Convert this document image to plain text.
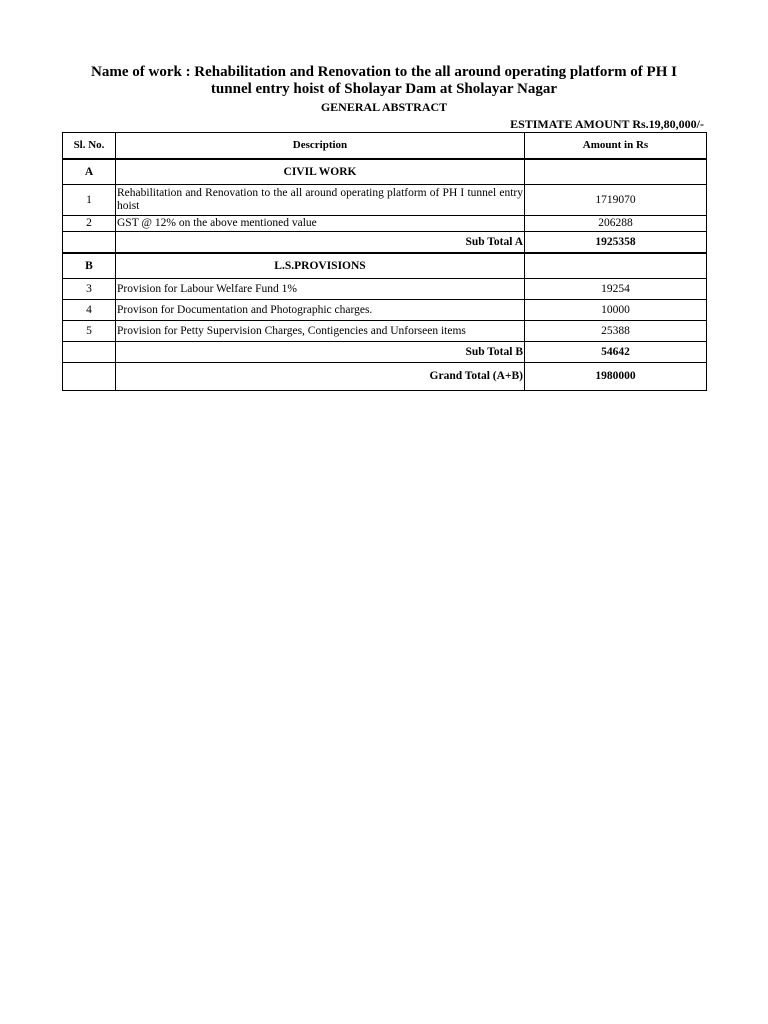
Name of work : Rehabilitation and Renovation to the all around operating platform of PH I
tunnel entry hoist of Sholayar Dam at Sholayar Nagar
GENERAL ABSTRACT
ESTIMATE AMOUNT Rs.19,80,000/-
Sl. No.	Description	Amount in Rs
A	CIVIL WORK	
1	Rehabilitation and Renovation to the all around operating platform of PH I tunnel entry hoist	1719070
2	GST @ 12% on the above mentioned value	206288
	Sub Total A	1925358
B	L.S.PROVISIONS	
3	Provision for Labour Welfare Fund 1%	19254
4	Provison for Documentation and Photographic charges.	10000
5	Provision for Petty Supervision Charges, Contigencies and Unforseen items	25388
	Sub Total B	54642
	Grand Total (A+B)	1980000
